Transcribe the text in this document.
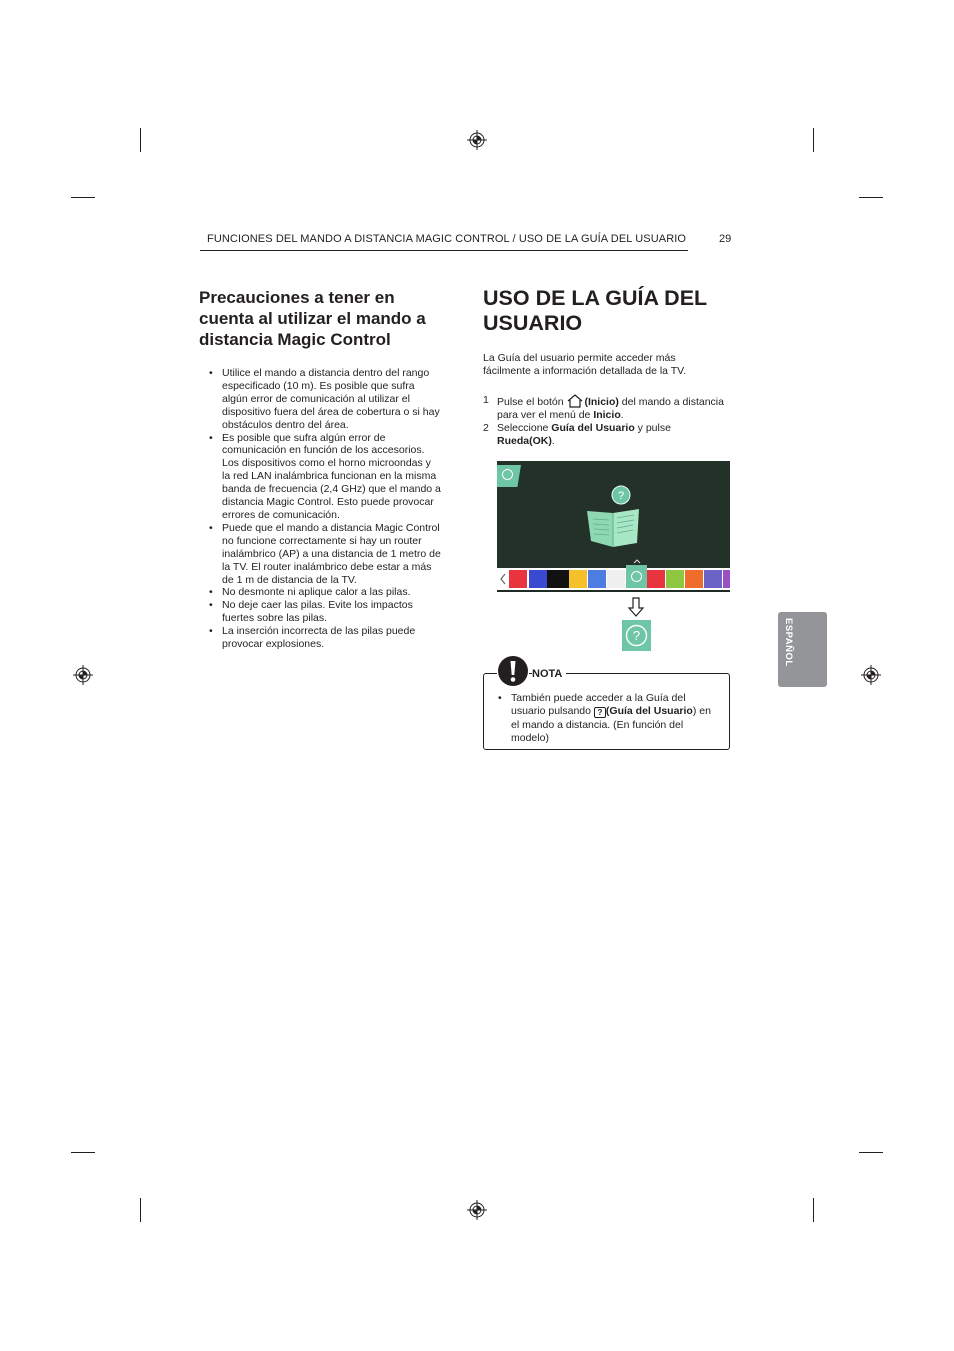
FUNCIONES DEL MANDO A DISTANCIA MAGIC CONTROL / USO DE LA GUÍA DEL USUARIO	29
Precauciones a tener en cuenta al utilizar el mando a distancia Magic Control
• Utilice el mando a distancia dentro del rango especificado (10 m). Es posible que sufra algún error de comunicación al utilizar el dispositivo fuera del área de cobertura o si hay obstáculos dentro del área.
• Es posible que sufra algún error de comunicación en función de los accesorios. Los dispositivos como el horno microondas y la red LAN inalámbrica funcionan en la misma banda de frecuencia (2,4 GHz) que el mando a distancia Magic Control. Esto puede provocar errores de comunicación.
• Puede que el mando a distancia Magic Control no funcione correctamente si hay un router inalámbrico (AP) a una distancia de 1 metro de la TV. El router inalámbrico debe estar a más de 1 m de distancia de la TV.
• No desmonte ni aplique calor a las pilas.
• No deje caer las pilas. Evite los impactos fuertes sobre las pilas.
• La inserción incorrecta de las pilas puede provocar explosiones.
USO DE LA GUÍA DEL USUARIO

La Guía del usuario permite acceder más fácilmente a información detallada de la TV.

1 Pulse el botón (Inicio) del mando a distancia para ver el menú de Inicio.
2 Seleccione Guía del Usuario y pulse Rueda(OK).
?
?
NOTA

• También puede acceder a la Guía del usuario pulsando ? (Guía del Usuario) en el mando a distancia. (En función del modelo)

ESPAÑOL
